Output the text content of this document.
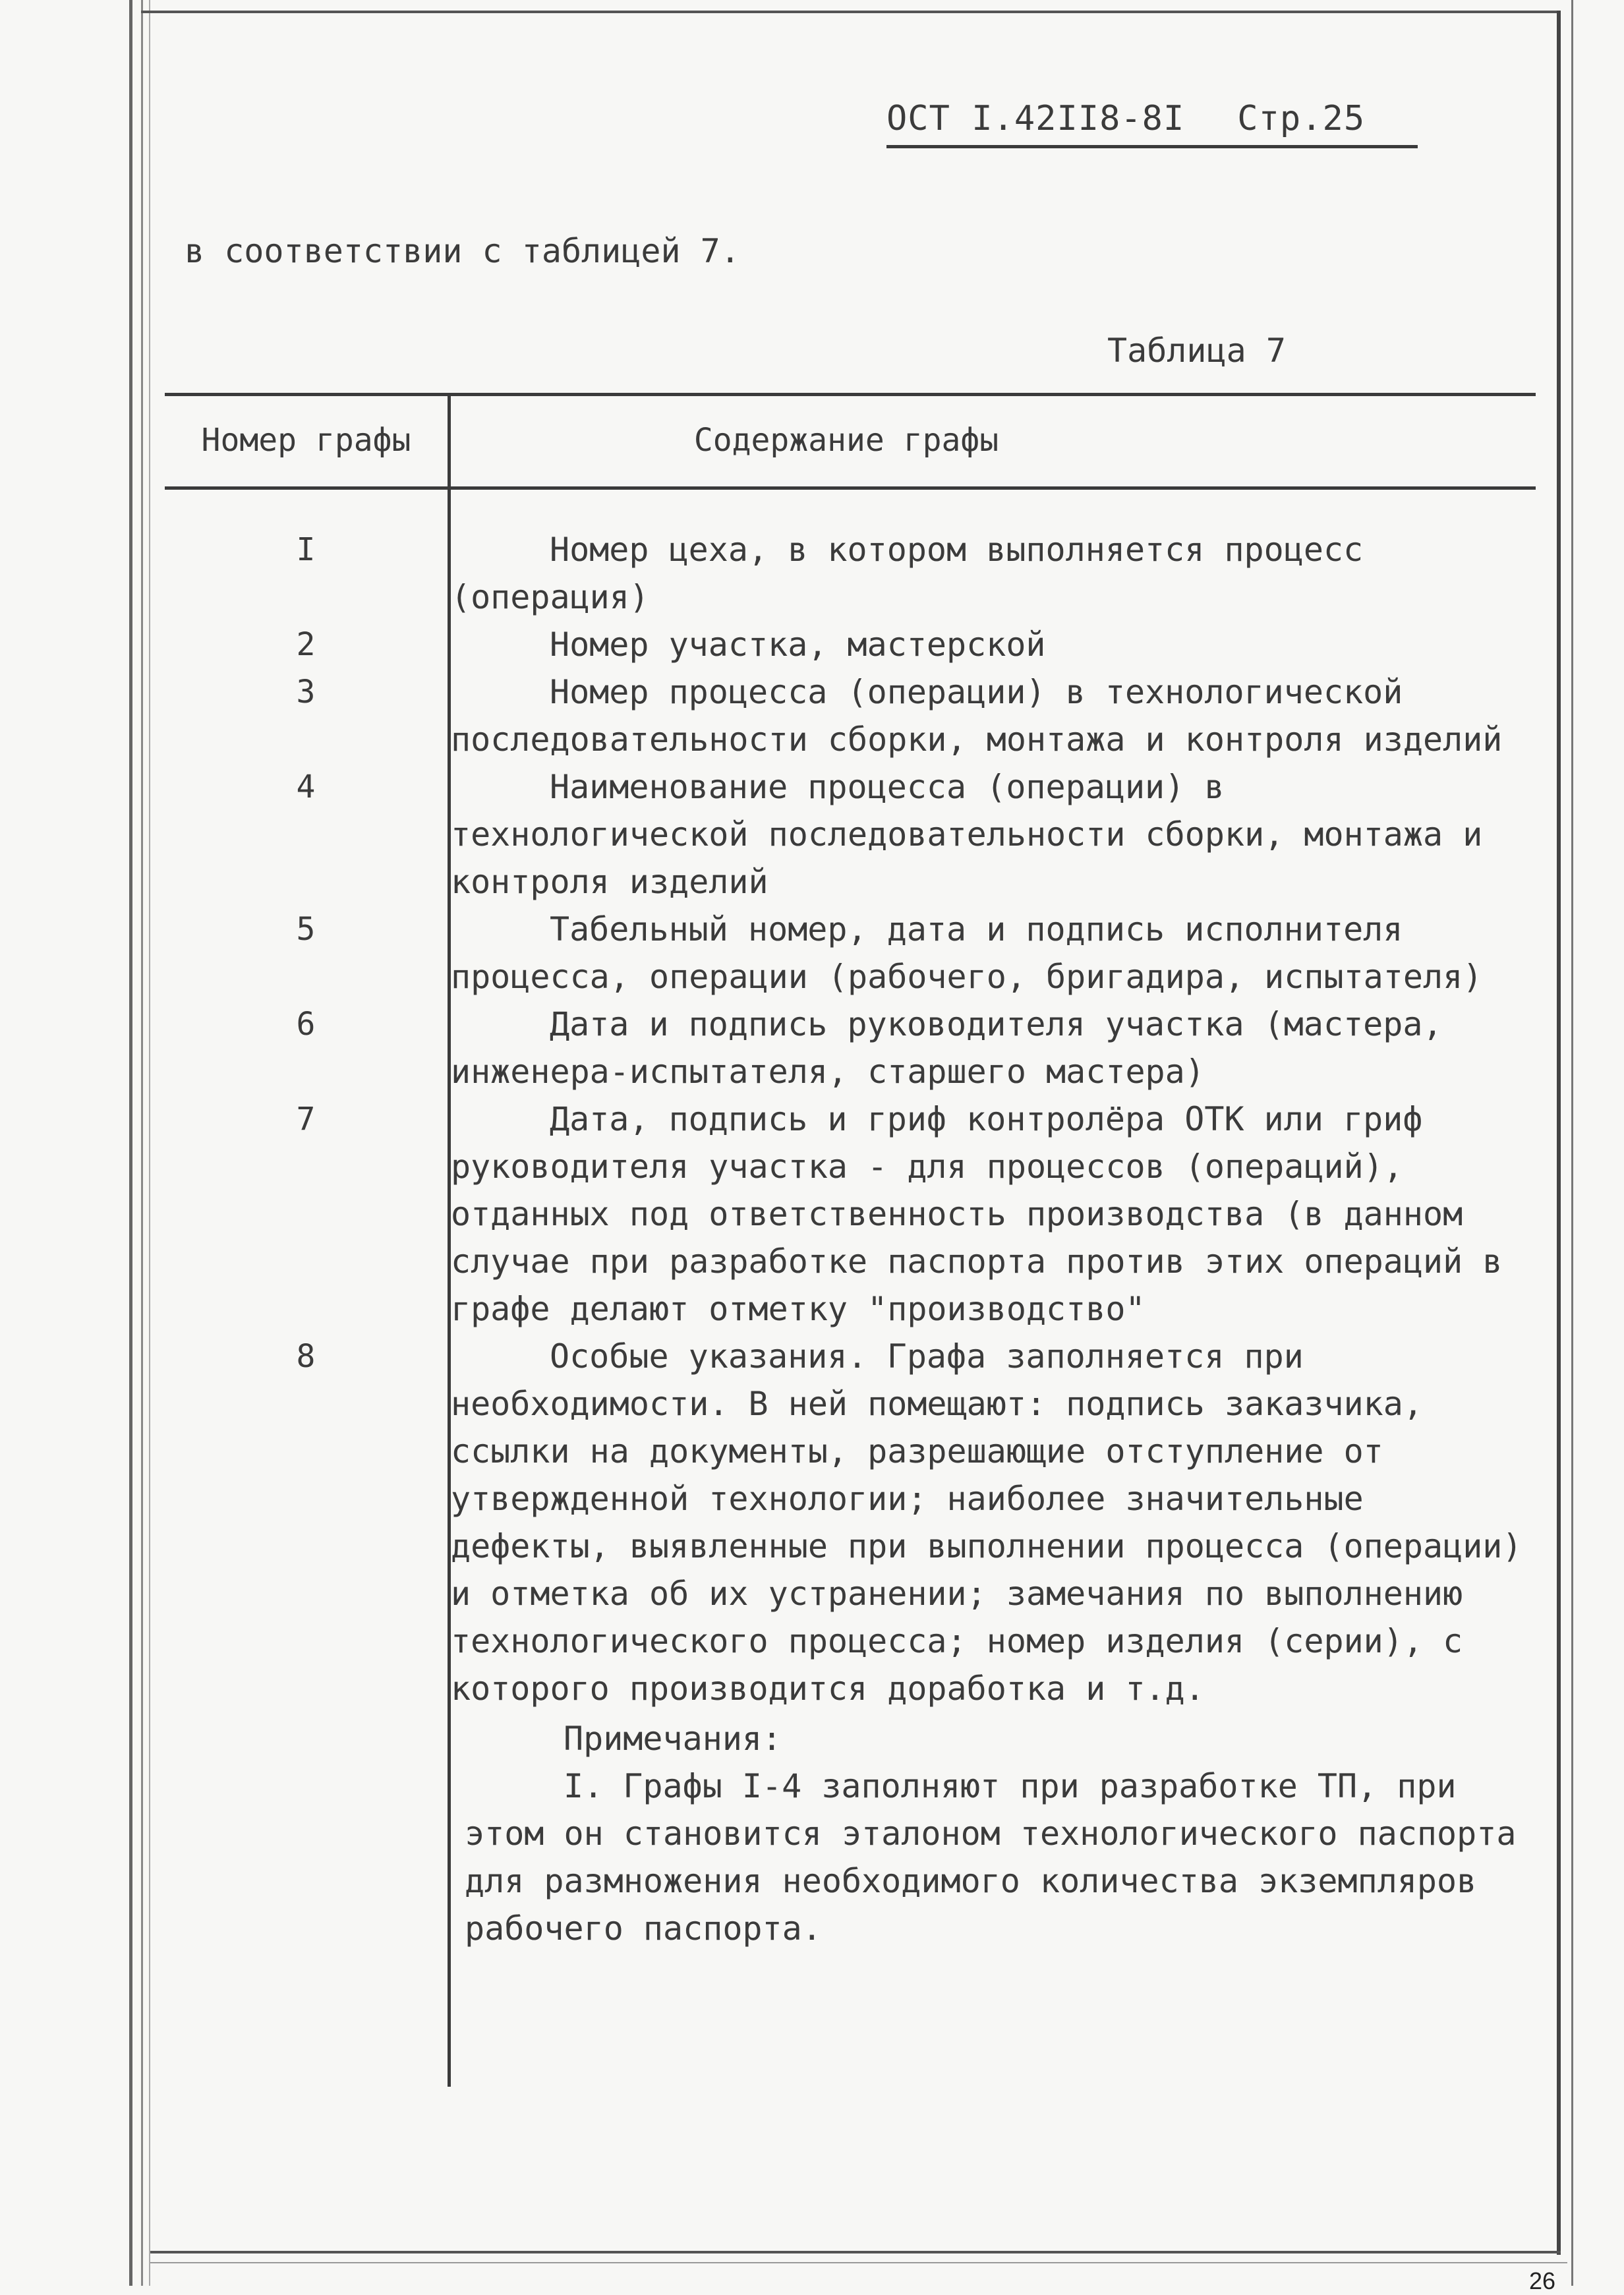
ОСТ I.42II8-8I Стр.25
в соответствии с таблицей 7.
Таблица 7
Номер графы	Содержание графы
I	Номер цеха, в котором выполняется процесс (операция)
2	Номер участка, мастерской
3	Номер процесса (операции) в технологической последовательности сборки, монтажа и контроля изделий
4	Наименование процесса (операции) в технологической последовательности сборки, монтажа и контроля изделий
5	Табельный номер, дата и подпись исполнителя процесса, операции (рабочего, бригадира, испытателя)
6	Дата и подпись руководителя участка (мастера, инженера-испытателя, старшего мастера)
7	Дата, подпись и гриф контролёра ОТК или гриф руководителя участка - для процессов (операций), отданных под ответственность производства (в данном случае при разработке паспорта против этих операций в графе делают отметку "производство"
8	Особые указания. Графа заполняется при необходимости. В ней помещают: подпись заказчика, ссылки на документы, разрешающие отступление от утвержденной технологии; наиболее значительные дефекты, выявленные при выполнении процесса (операции) и отметка об их устранении; замечания по выполнению технологического процесса; номер изделия (серии), с которого производится доработка и т.д.
Примечания:
I. Графы I-4 заполняют при разработке ТП, при этом он становится эталоном технологического паспорта для размножения необходимого количества экземпляров рабочего паспорта.
26
